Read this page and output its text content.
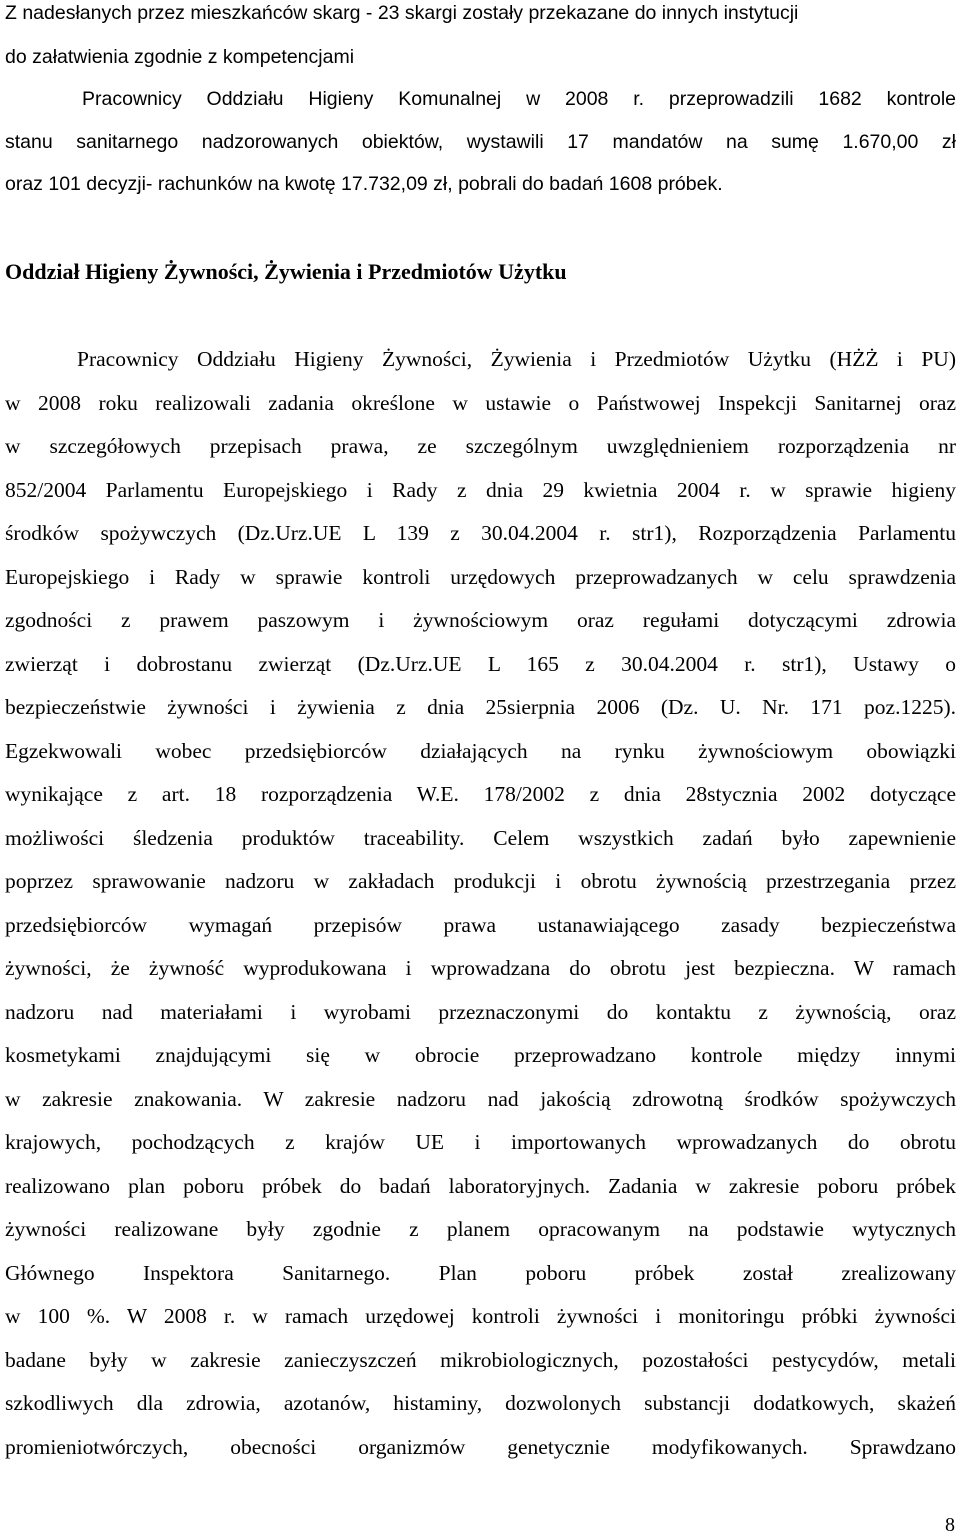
Z nadesłanych przez mieszkańców skarg - 23 skargi zostały przekazane do innych instytucji
do załatwienia zgodnie z kompetencjami
Pracownicy Oddziału Higieny Komunalnej w 2008 r. przeprowadzili 1682 kontrole
stanu sanitarnego nadzorowanych obiektów, wystawili 17 mandatów na sumę 1.670,00 zł
oraz 101 decyzji- rachunków na kwotę 17.732,09 zł, pobrali do badań 1608 próbek.
Oddział Higieny Żywności, Żywienia i Przedmiotów Użytku
Pracownicy Oddziału Higieny Żywności, Żywienia i Przedmiotów Użytku (HŻŻ i PU)
w 2008 roku realizowali zadania określone w ustawie o Państwowej Inspekcji Sanitarnej oraz
w szczegółowych przepisach prawa, ze szczególnym uwzględnieniem rozporządzenia nr
852/2004 Parlamentu Europejskiego i Rady z dnia 29 kwietnia 2004 r. w sprawie higieny
środków spożywczych (Dz.Urz.UE L 139 z 30.04.2004 r. str1), Rozporządzenia Parlamentu
Europejskiego i Rady w sprawie kontroli urzędowych przeprowadzanych w celu sprawdzenia
zgodności z prawem paszowym i żywnościowym oraz regułami dotyczącymi zdrowia
zwierząt i dobrostanu zwierząt (Dz.Urz.UE L 165 z 30.04.2004 r. str1), Ustawy o
bezpieczeństwie żywności i żywienia z dnia 25sierpnia 2006 (Dz. U. Nr. 171 poz.1225).
Egzekwowali wobec przedsiębiorców działających na rynku żywnościowym obowiązki
wynikające z art. 18 rozporządzenia W.E. 178/2002 z dnia 28stycznia 2002 dotyczące
możliwości śledzenia produktów traceability. Celem wszystkich zadań było zapewnienie
poprzez sprawowanie nadzoru w zakładach produkcji i obrotu żywnością przestrzegania przez
przedsiębiorców wymagań przepisów prawa ustanawiającego zasady bezpieczeństwa
żywności, że żywność wyprodukowana i wprowadzana do obrotu jest bezpieczna. W ramach
nadzoru nad materiałami i wyrobami przeznaczonymi do kontaktu z żywnością, oraz
kosmetykami znajdującymi się w obrocie przeprowadzano kontrole między innymi
w zakresie znakowania. W zakresie nadzoru nad jakością zdrowotną środków spożywczych
krajowych, pochodzących z krajów UE i importowanych wprowadzanych do obrotu
realizowano plan poboru próbek do badań laboratoryjnych. Zadania w zakresie poboru próbek
żywności realizowane były zgodnie z planem opracowanym na podstawie wytycznych
Głównego Inspektora Sanitarnego. Plan poboru próbek został zrealizowany
w 100 %. W 2008 r. w ramach urzędowej kontroli żywności i monitoringu próbki żywności
badane były w zakresie zanieczyszczeń mikrobiologicznych, pozostałości pestycydów, metali
szkodliwych dla zdrowia, azotanów, histaminy, dozwolonych substancji dodatkowych, skażeń
promieniotwórczych, obecności organizmów genetycznie modyfikowanych. Sprawdzano
8
